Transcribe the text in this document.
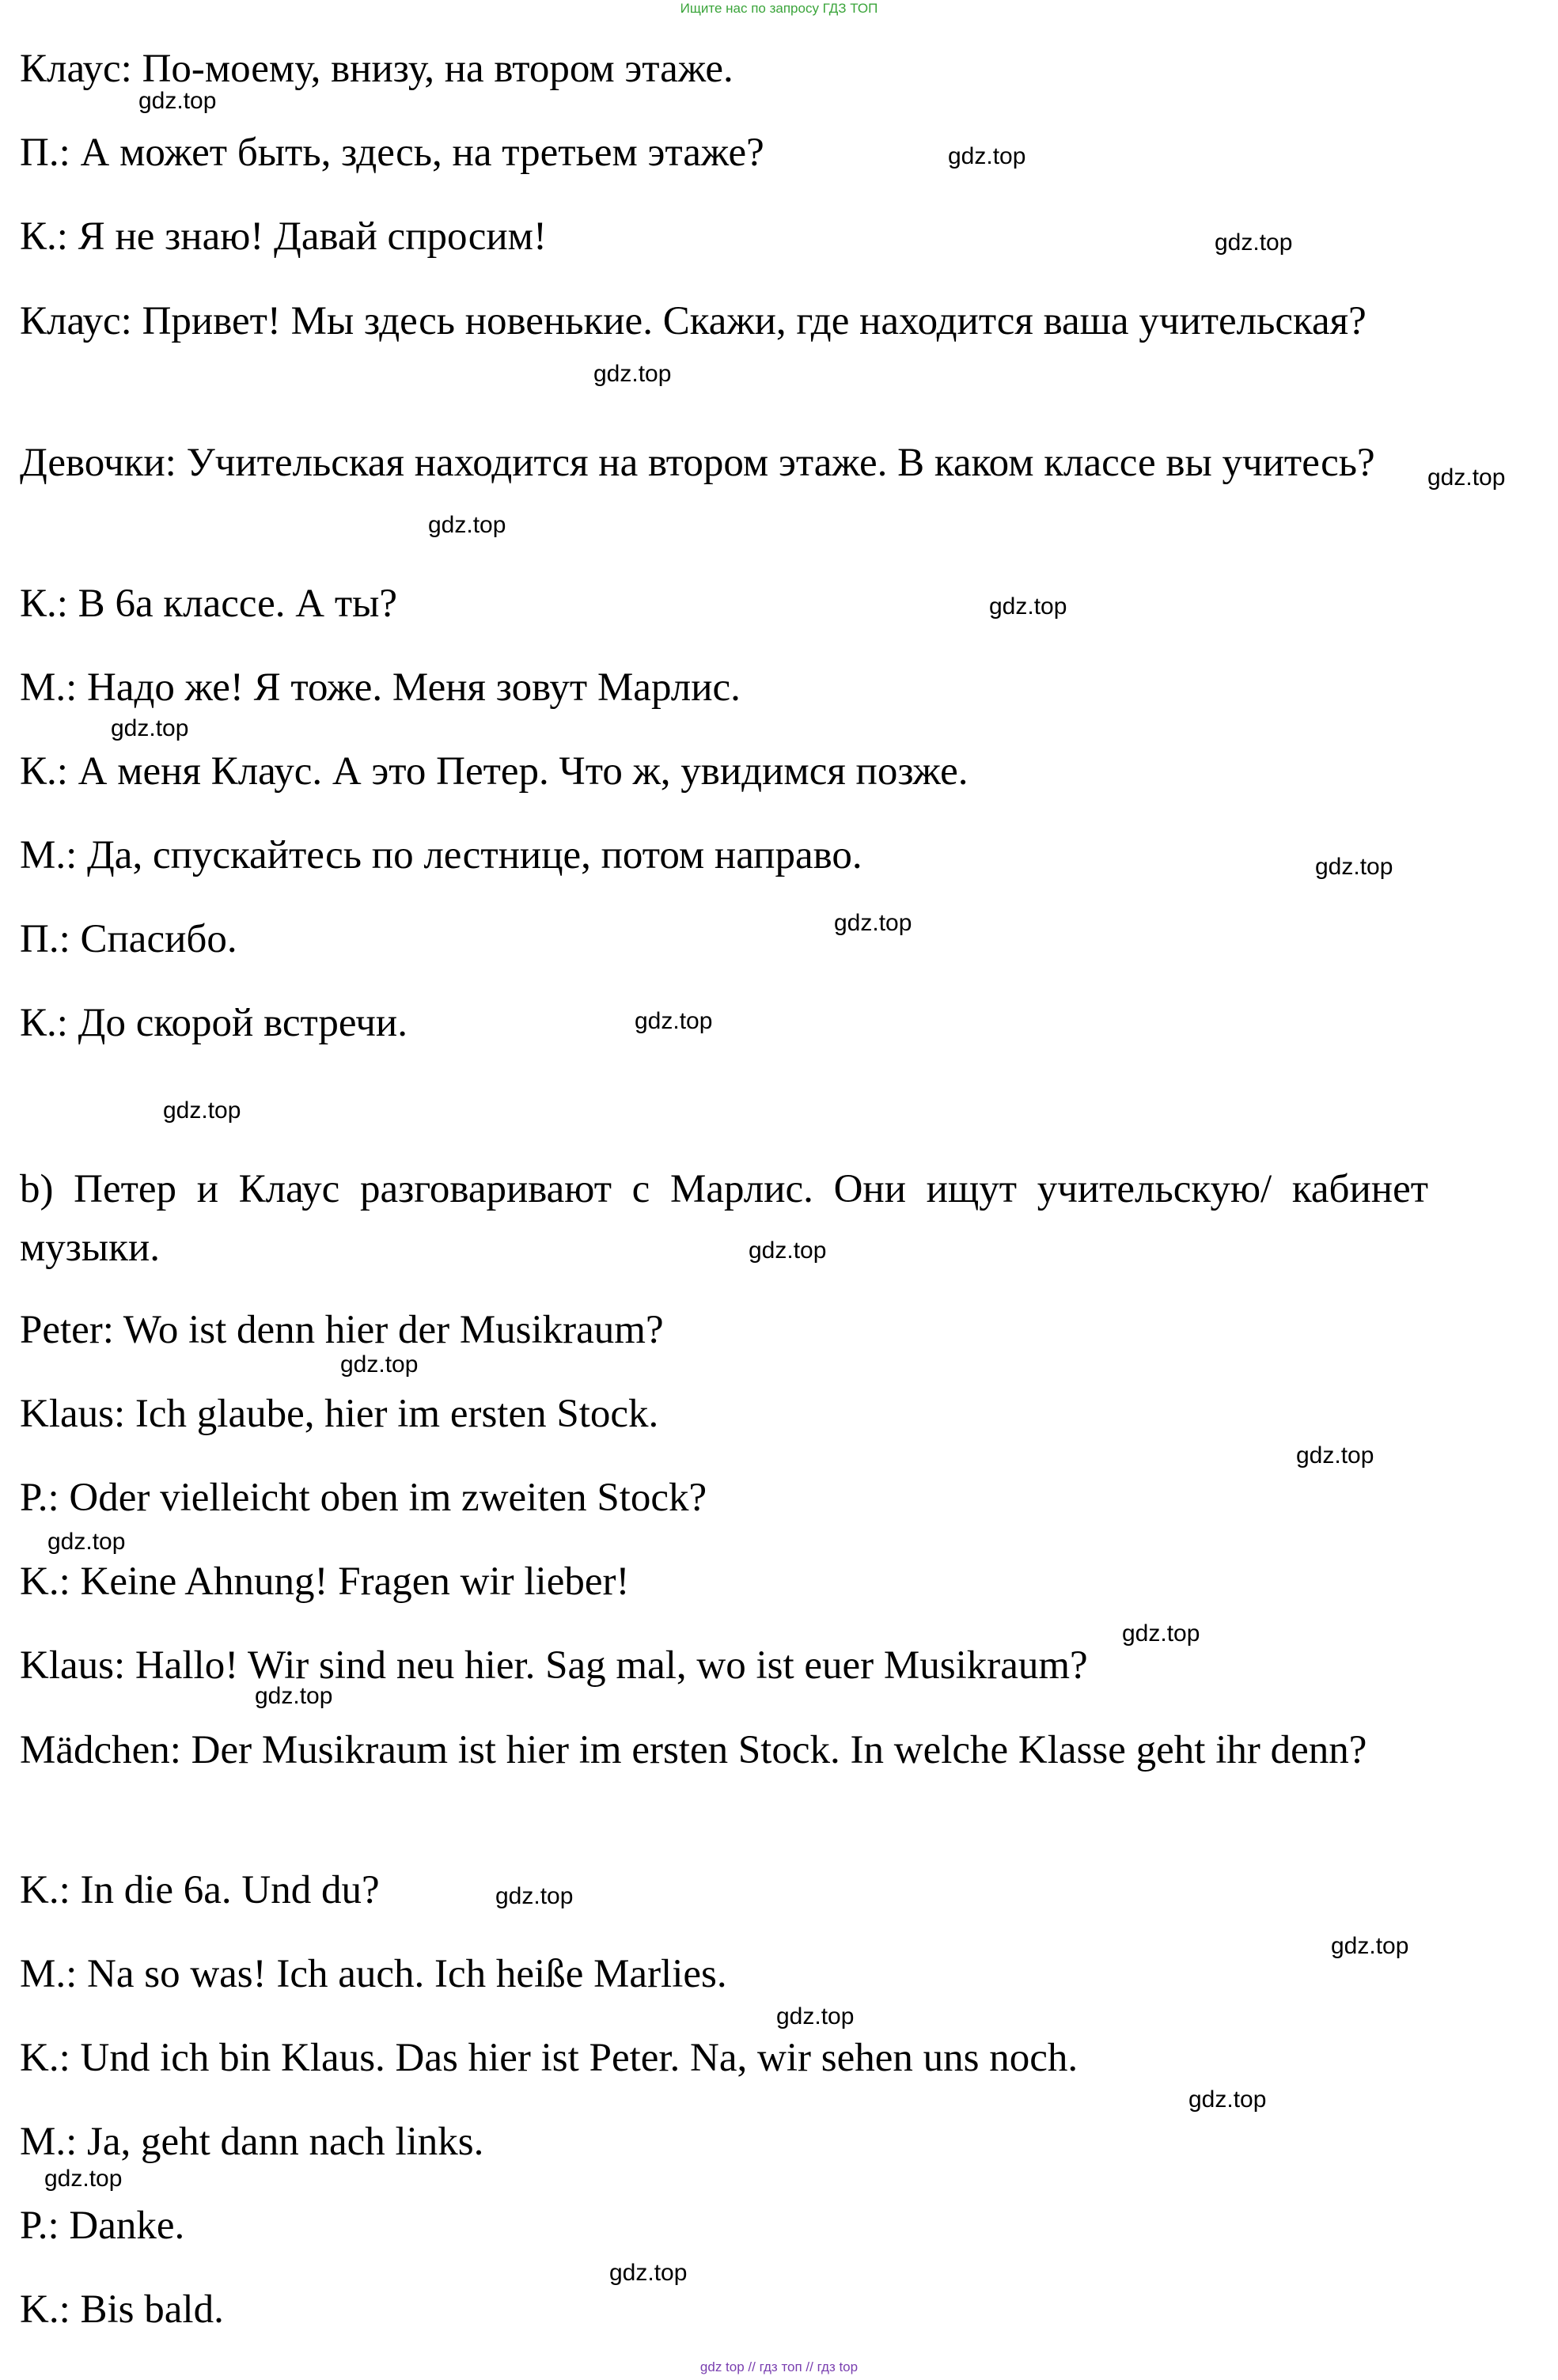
Ищите нас по запросу ГДЗ ТОП
Клаус: По-моему, внизу, на втором этаже.
П.: А может быть, здесь, на третьем этаже?
К.: Я не знаю! Давай спросим!
Клаус: Привет! Мы здесь новенькие. Скажи, где находится ваша учительская?
Девочки: Учительская находится на втором этаже. В каком классе вы учитесь?
К.: В 6а классе. А ты?
М.: Надо же! Я тоже. Меня зовут Марлис.
К.: А меня Клаус. А это Петер. Что ж, увидимся позже.
М.: Да, спускайтесь по лестнице, потом направо.
П.: Спасибо.
К.: До скорой встречи.
b) Петер и Клаус разговаривают с Марлис. Они ищут учительскую/ кабинет музыки.
Peter: Wo ist denn hier der Musikraum?
Klaus: Ich glaube, hier im ersten Stock.
P.: Oder vielleicht oben im zweiten Stock?
K.: Keine Ahnung! Fragen wir lieber!
Klaus: Hallo! Wir sind neu hier. Sag mal, wo ist euer Musikraum?
Mädchen: Der Musikraum ist hier im ersten Stock. In welche Klasse geht ihr denn?
K.: In die 6a. Und du?
M.: Na so was! Ich auch. Ich heiße Marlies.
K.: Und ich bin Klaus. Das hier ist Peter. Na, wir sehen uns noch.
M.: Ja, geht dann nach links.
P.: Danke.
K.: Bis bald.
gdz.top
gdz.top
gdz.top
gdz.top
gdz.top
gdz.top
gdz.top
gdz.top
gdz.top
gdz.top
gdz.top
gdz.top
gdz.top
gdz.top
gdz.top
gdz.top
gdz.top
gdz.top
gdz.top
gdz.top
gdz.top
gdz.top
gdz.top
gdz.top
gdz top // гдз топ // гдз top
